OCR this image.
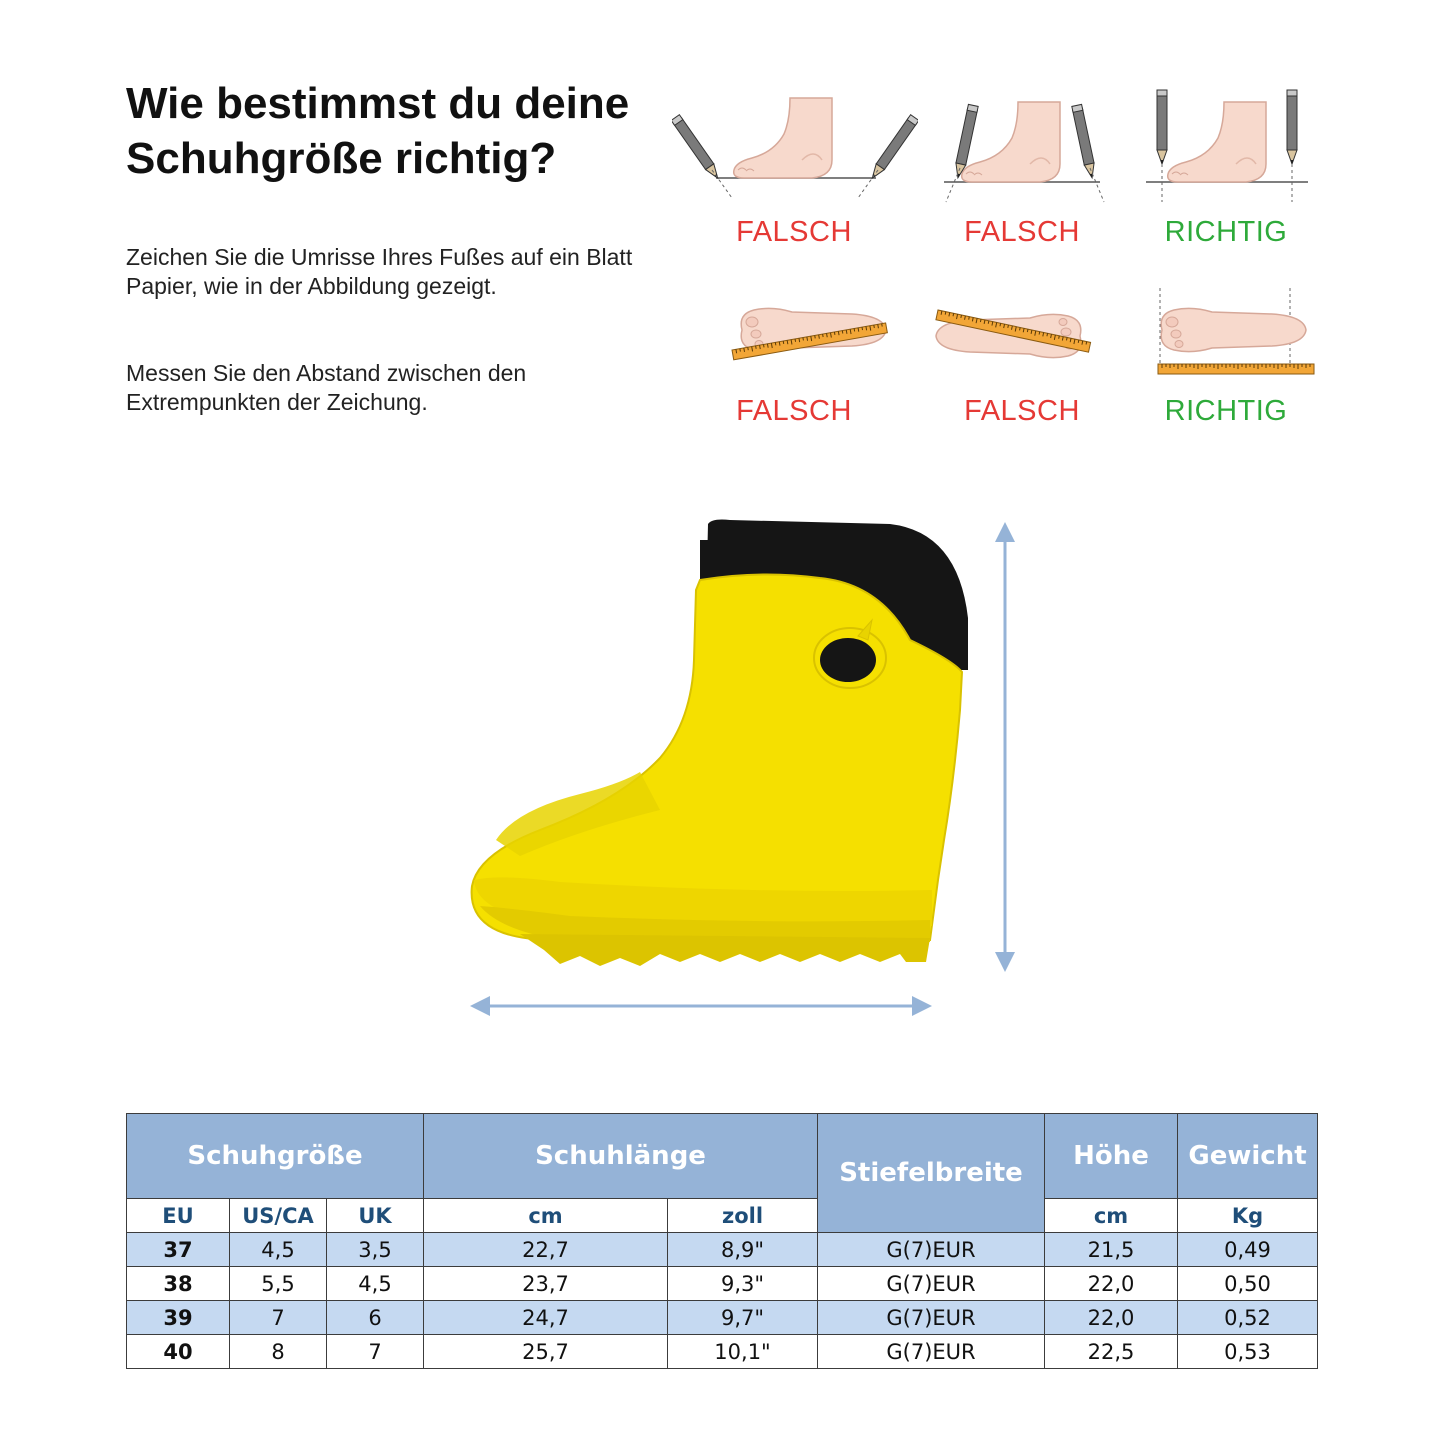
Wie bestimmst du deine
Schuhgröße richtig?

Zeichen Sie die Umrisse Ihres Fußes auf ein Blatt Papier, wie in der Abbildung gezeigt.

Messen Sie den Abstand zwischen den Extrempunkten der Zeichung.

FALSCH	FALSCH	RICHTIG
FALSCH	FALSCH	RICHTIG
Schuhgröße			Schuhlänge		Stiefelbreite	Höhe	Gewicht
EU	US/CA	UK	cm	zoll		cm	Kg
37	4,5	3,5	22,7	8,9"	G(7)EUR	21,5	0,49
38	5,5	4,5	23,7	9,3"	G(7)EUR	22,0	0,50
39	7	6	24,7	9,7"	G(7)EUR	22,0	0,52
40	8	7	25,7	10,1"	G(7)EUR	22,5	0,53
